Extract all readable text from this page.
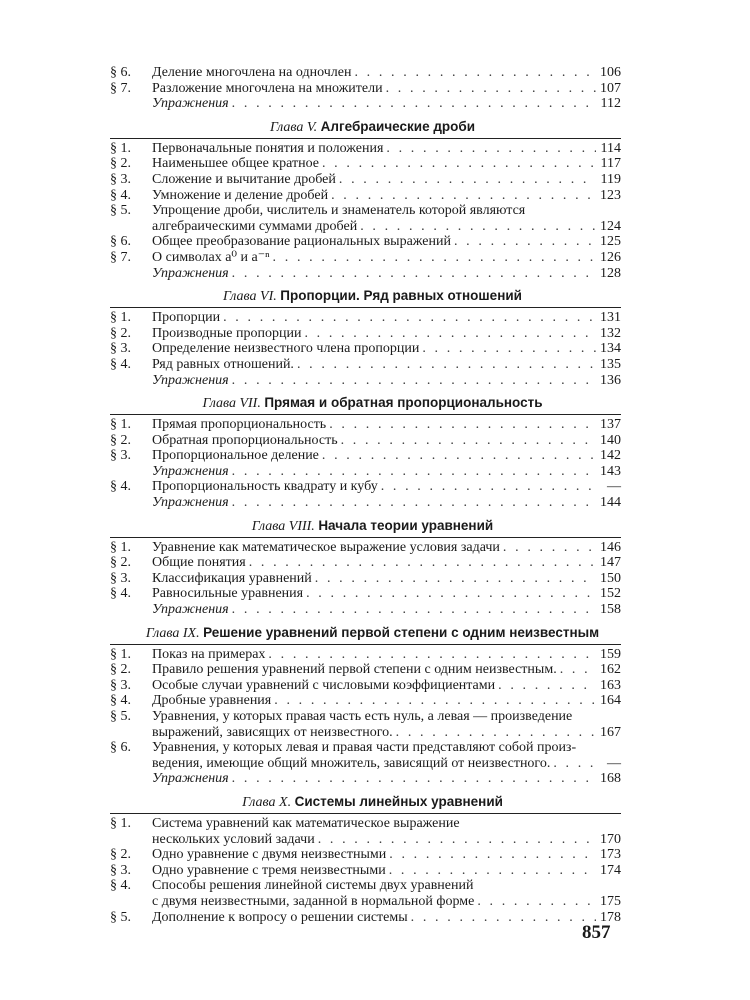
§ 6.	Деление многочлена на одночлен . . .	106
§ 7.	Разложение многочлена на множители . . .	107
Упражнения . . .	112
Глава V. Алгебраические дроби
§ 1.	Первоначальные понятия и положения . . .	114
§ 2.	Наименьшее общее кратное . . .	117
§ 3.	Сложение и вычитание дробей . . .	119
§ 4.	Умножение и деление дробей . . .	123
§ 5.	Упрощение дроби, числитель и знаменатель которой являются
алгебраическими суммами дробей . . .	124
§ 6.	Общее преобразование рациональных выражений . . .	125
§ 7.	О символах a⁰ и a⁻ⁿ . . .	126
Упражнения . . .	128
Глава VI. Пропорции. Ряд равных отношений
§ 1.	Пропорции . . .	131
§ 2.	Производные пропорции . . .	132
§ 3.	Определение неизвестного члена пропорции . . .	134
§ 4.	Ряд равных отношений. . . .	135
Упражнения . . .	136
Глава VII. Прямая и обратная пропорциональность
§ 1.	Прямая пропорциональность . . .	137
§ 2.	Обратная пропорциональность . . .	140
§ 3.	Пропорциональное деление . . .	142
Упражнения . . .	143
§ 4.	Пропорциональность квадрату и кубу . . .	—
Упражнения . . .	144
Глава VIII. Начала теории уравнений
§ 1.	Уравнение как математическое выражение условия задачи . . .	146
§ 2.	Общие понятия . . .	147
§ 3.	Классификация уравнений . . .	150
§ 4.	Равносильные уравнения . . .	152
Упражнения . . .	158
Глава IX. Решение уравнений первой степени с одним неизвестным
§ 1.	Показ на примерах . . .	159
§ 2.	Правило решения уравнений первой степени с одним неизвестным. . . .	162
§ 3.	Особые случаи уравнений с числовыми коэффициентами . . .	163
§ 4.	Дробные уравнения . . .	164
§ 5.	Уравнения, у которых правая часть есть нуль, а левая — произведение
выражений, зависящих от неизвестного. . . .	167
§ 6.	Уравнения, у которых левая и правая части представляют собой произ-
ведения, имеющие общий множитель, зависящий от неизвестного. . . .	—
Упражнения . . .	168
Глава X. Системы линейных уравнений
§ 1.	Система уравнений как математическое выражение
нескольких условий задачи . . .	170
§ 2.	Одно уравнение с двумя неизвестными . . .	173
§ 3.	Одно уравнение с тремя неизвестными . . .	174
§ 4.	Способы решения линейной системы двух уравнений
с двумя неизвестными, заданной в нормальной форме . . .	175
§ 5.	Дополнение к вопросу о решении системы . . .	178
857
